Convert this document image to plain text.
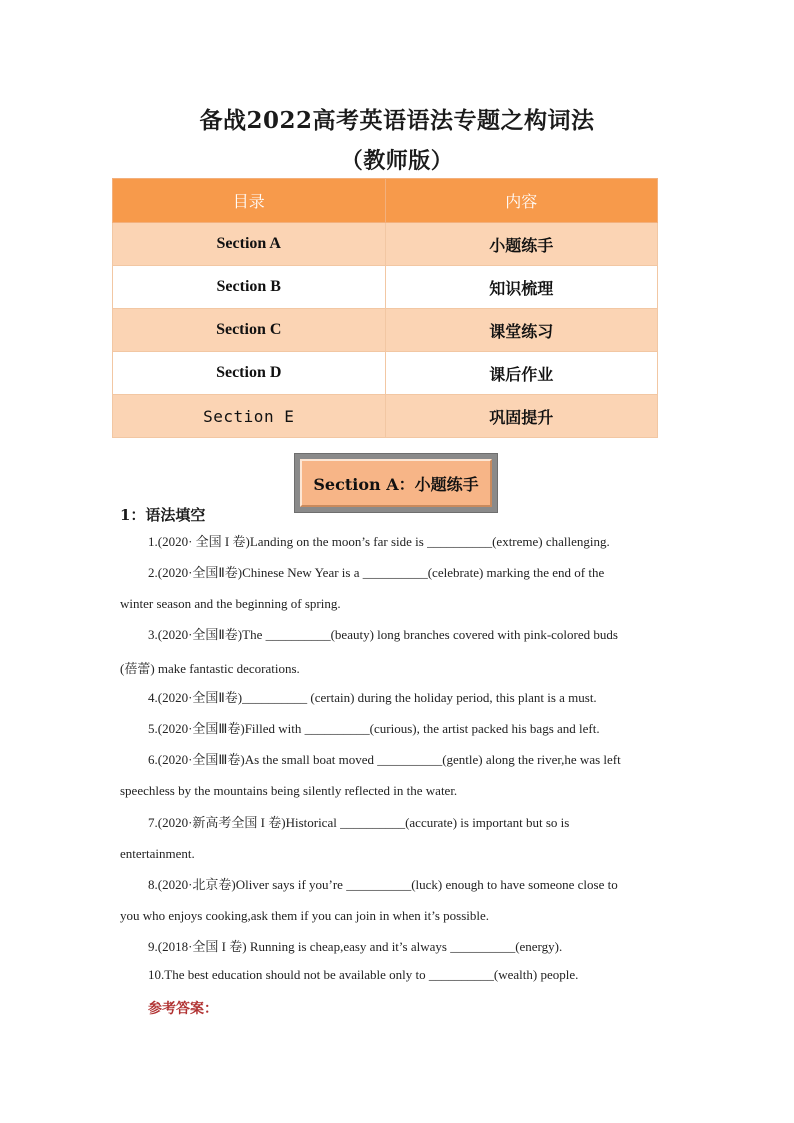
备战2022高考英语语法专题之构词法
（教师版）
目录	内容
Section A	小题练手
Section B	知识梳理
Section C	课堂练习
Section D	课后作业
Section E	巩固提升
Section A：小题练手
1：语法填空
1.(2020· 全国 I 卷)Landing on the moon’s far side is __________(extreme) challenging.
2.(2020·全国Ⅱ卷)Chinese New Year is a __________(celebrate) marking the end of the
winter season and the beginning of spring.
3.(2020·全国Ⅱ卷)The __________(beauty) long branches covered with pink-colored buds
(蓓蕾) make fantastic decorations.
4.(2020·全国Ⅱ卷)__________ (certain) during the holiday period, this plant is a must.
5.(2020·全国Ⅲ卷)Filled with __________(curious), the artist packed his bags and left.
6.(2020·全国Ⅲ卷)As the small boat moved __________(gentle) along the river,he was left
speechless by the mountains being silently reflected in the water.
7.(2020·新高考全国 I 卷)Historical __________(accurate) is important but so is
entertainment.
8.(2020·北京卷)Oliver says if you’re __________(luck) enough to have someone close to
you who enjoys cooking,ask them if you can join in when it’s possible.
9.(2018·全国 I 卷) Running is cheap,easy and it’s always __________(energy).
10.The best education should not be available only to __________(wealth) people.
参考答案：
